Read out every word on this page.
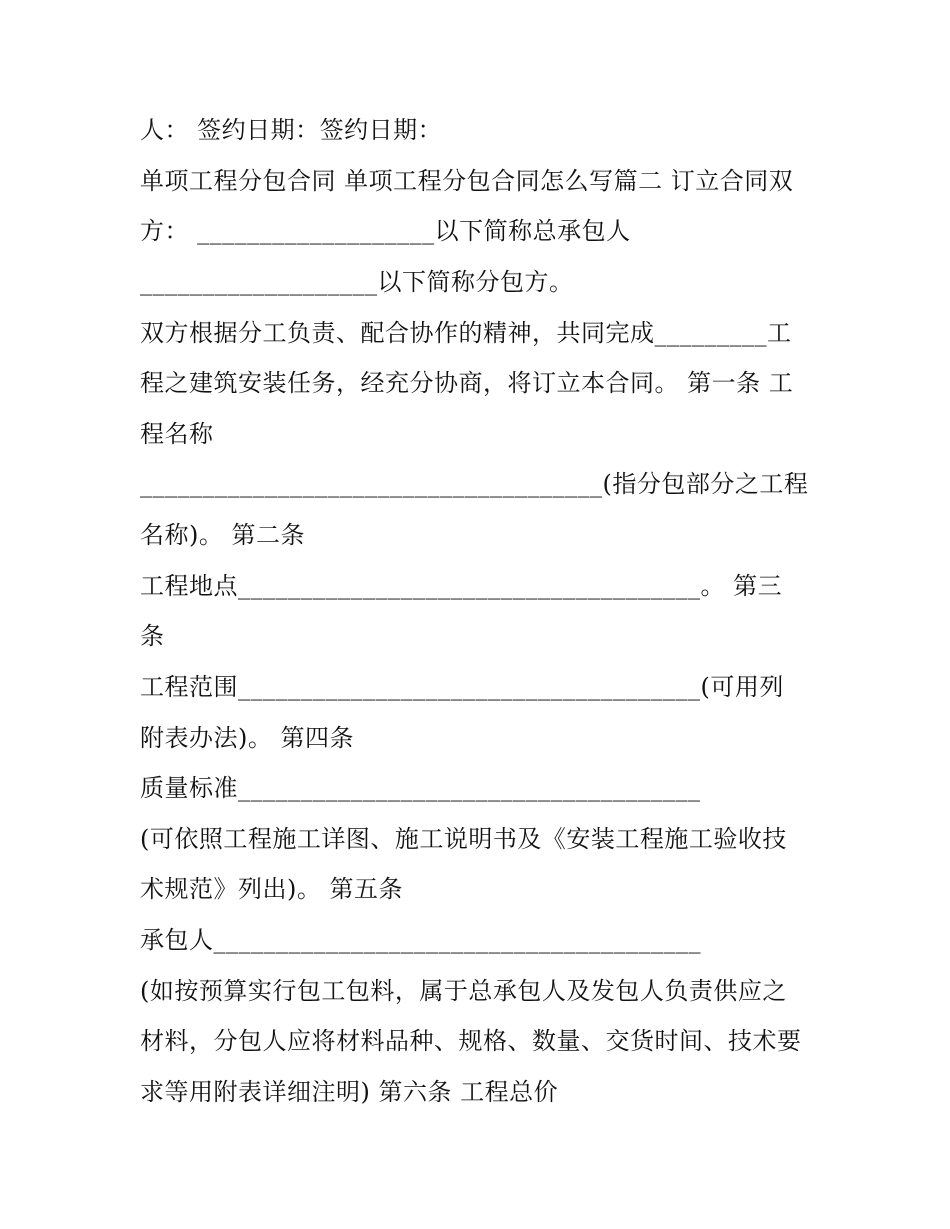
人： 签约日期：签约日期：
单项工程分包合同 单项工程分包合同怎么写篇二 订立合同双
方： ___________________以下简称总承包人
___________________以下简称分包方。
双方根据分工负责、配合协作的精神，共同完成_________工
程之建筑安装任务，经充分协商，将订立本合同。 第一条 工
程名称
_____________________________________(指分包部分之工程
名称)。 第二条
工程地点_____________________________________。 第三
条
工程范围_____________________________________(可用列
附表办法)。 第四条
质量标准_____________________________________
(可依照工程施工详图、施工说明书及《安装工程施工验收技
术规范》列出)。 第五条
承包人_______________________________________
(如按预算实行包工包料，属于总承包人及发包人负责供应之
材料，分包人应将材料品种、规格、数量、交货时间、技术要
求等用附表详细注明) 第六条 工程总价
